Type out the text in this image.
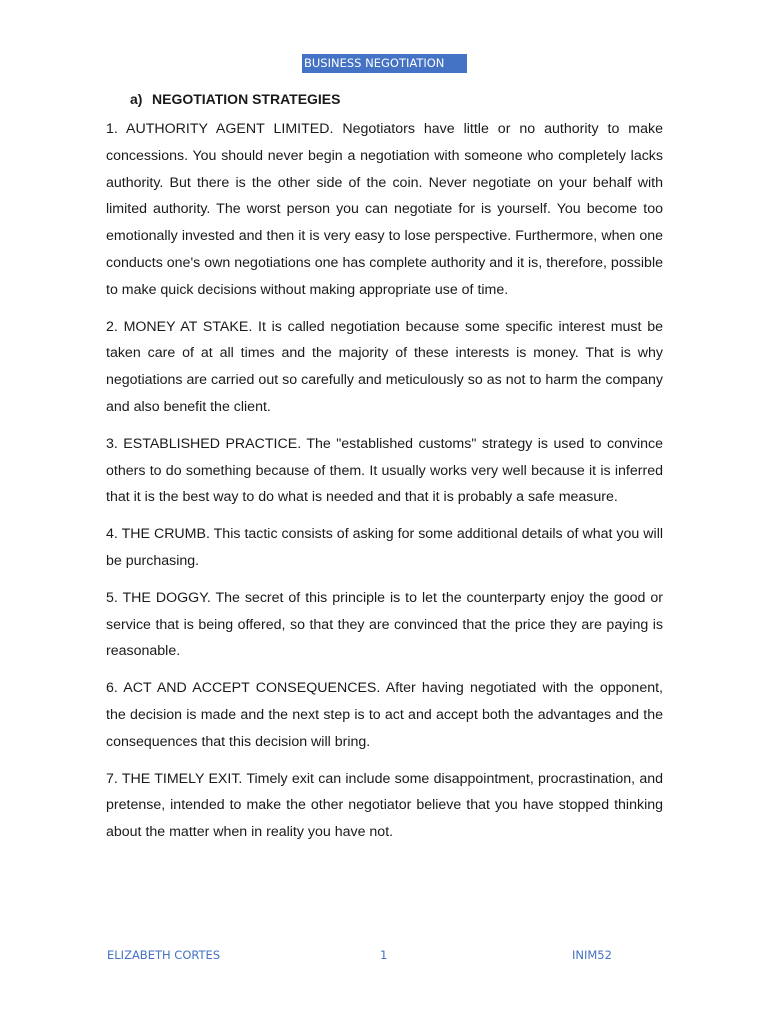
BUSINESS NEGOTIATION
a) NEGOTIATION STRATEGIES

1. AUTHORITY AGENT LIMITED. Negotiators have little or no authority to make concessions. You should never begin a negotiation with someone who completely lacks authority. But there is the other side of the coin. Never negotiate on your behalf with limited authority. The worst person you can negotiate for is yourself. You become too emotionally invested and then it is very easy to lose perspective. Furthermore, when one conducts one's own negotiations one has complete authority and it is, therefore, possible to make quick decisions without making appropriate use of time.

2. MONEY AT STAKE. It is called negotiation because some specific interest must be taken care of at all times and the majority of these interests is money. That is why negotiations are carried out so carefully and meticulously so as not to harm the company and also benefit the client.

3. ESTABLISHED PRACTICE. The "established customs" strategy is used to convince others to do something because of them. It usually works very well because it is inferred that it is the best way to do what is needed and that it is probably a safe measure.

4. THE CRUMB. This tactic consists of asking for some additional details of what you will be purchasing.

5. THE DOGGY. The secret of this principle is to let the counterparty enjoy the good or service that is being offered, so that they are convinced that the price they are paying is reasonable.

6. ACT AND ACCEPT CONSEQUENCES. After having negotiated with the opponent, the decision is made and the next step is to act and accept both the advantages and the consequences that this decision will bring.

7. THE TIMELY EXIT. Timely exit can include some disappointment, procrastination, and pretense, intended to make the other negotiator believe that you have stopped thinking about the matter when in reality you have not.

ELIZABETH CORTES	1	INIM52
